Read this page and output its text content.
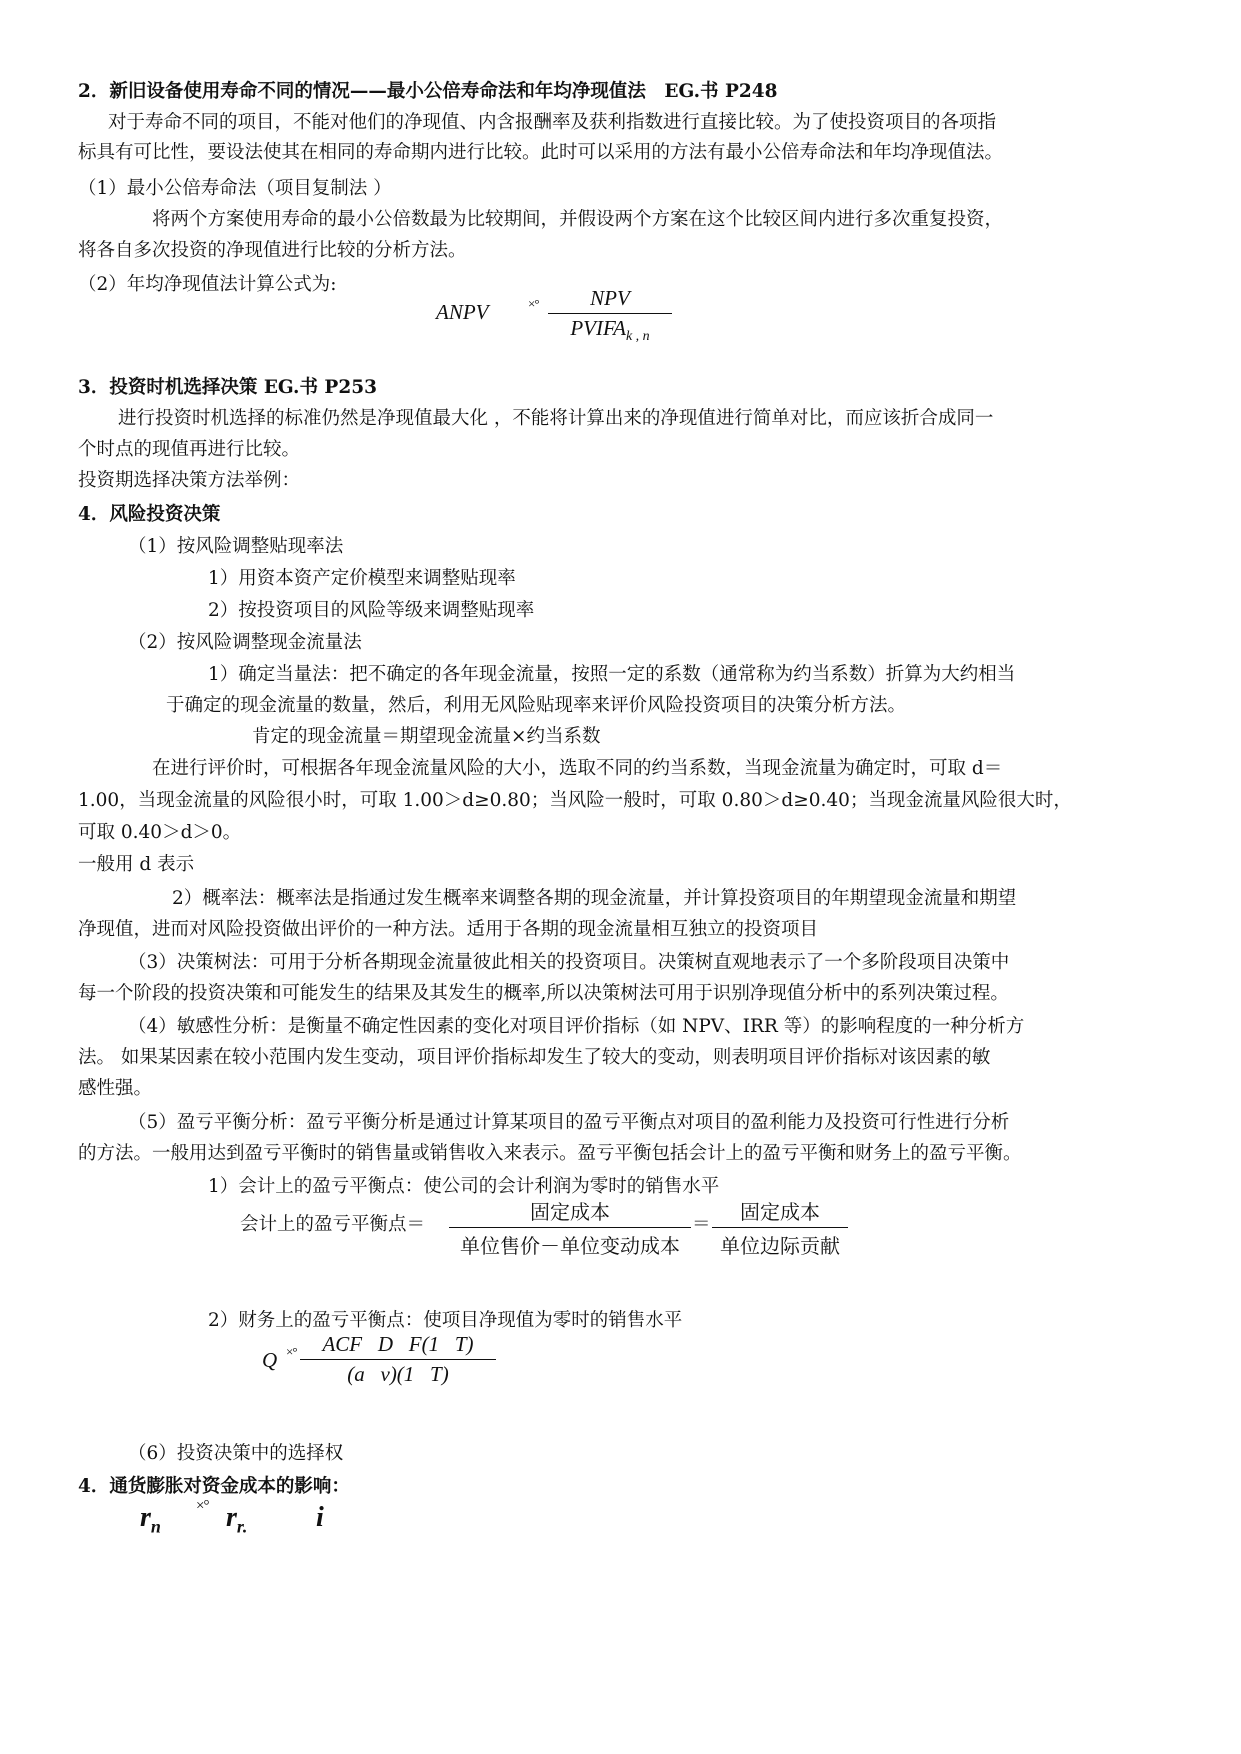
2．新旧设备使用寿命不同的情况——最小公倍寿命法和年均净现值法　EG.书 P248
对于寿命不同的项目，不能对他们的净现值、内含报酬率及获利指数进行直接比较。为了使投资项目的各项指
标具有可比性，要设法使其在相同的寿命期内进行比较。此时可以采用的方法有最小公倍寿命法和年均净现值法。
（1）最小公倍寿命法（项目复制法 ）
将两个方案使用寿命的最小公倍数最为比较期间，并假设两个方案在这个比较区间内进行多次重复投资，
将各自多次投资的净现值进行比较的分析方法。
（2）年均净现值法计算公式为:
ANPV	×° NPV
$PVIFA_{k , n}$
3．投资时机选择决策 EG.书 P253
进行投资时机选择的标准仍然是净现值最大化 ，不能将计算出来的净现值进行简单对比，而应该折合成同一
个时点的现值再进行比较。
投资期选择决策方法举例：
4．风险投资决策
（1）按风险调整贴现率法
1）用资本资产定价模型来调整贴现率
2）按投资项目的风险等级来调整贴现率
（2）按风险调整现金流量法
1）确定当量法：把不确定的各年现金流量，按照一定的系数（通常称为约当系数）折算为大约相当
于确定的现金流量的数量，然后，利用无风险贴现率来评价风险投资项目的决策分析方法。
肯定的现金流量＝期望现金流量×约当系数
在进行评价时，可根据各年现金流量风险的大小，选取不同的约当系数，当现金流量为确定时，可取 d＝
1.00，当现金流量的风险很小时，可取 1.00＞d≥0.80；当风险一般时，可取 0.80＞d≥0.40；当现金流量风险很大时，
可取 0.40＞d＞0。
一般用 d 表示
2）概率法：概率法是指通过发生概率来调整各期的现金流量，并计算投资项目的年期望现金流量和期望
净现值，进而对风险投资做出评价的一种方法。适用于各期的现金流量相互独立的投资项目
（3）决策树法：可用于分析各期现金流量彼此相关的投资项目。决策树直观地表示了一个多阶段项目决策中
每一个阶段的投资决策和可能发生的结果及其发生的概率,所以决策树法可用于识别净现值分析中的系列决策过程。
（4）敏感性分析：是衡量不确定性因素的变化对项目评价指标（如 NPV、IRR 等）的影响程度的一种分析方
法。 如果某因素在较小范围内发生变动，项目评价指标却发生了较大的变动，则表明项目评价指标对该因素的敏
感性强。
（5）盈亏平衡分析：盈亏平衡分析是通过计算某项目的盈亏平衡点对项目的盈利能力及投资可行性进行分析
的方法。一般用达到盈亏平衡时的销售量或销售收入来表示。盈亏平衡包括会计上的盈亏平衡和财务上的盈亏平衡。
1）会计上的盈亏平衡点：使公司的会计利润为零时的销售水平
会计上的盈亏平衡点＝
固定成本
单位售价－单位变动成本
＝
固定成本
单位边际贡献
2）财务上的盈亏平衡点：使项目净现值为零时的销售水平
Q ×° ACF   D   F(1   T)
(a   v)(1   T)
（6）投资决策中的选择权
4．通货膨胀对资金成本的影响：
$r_n$
×° $r_{r.}$ i
